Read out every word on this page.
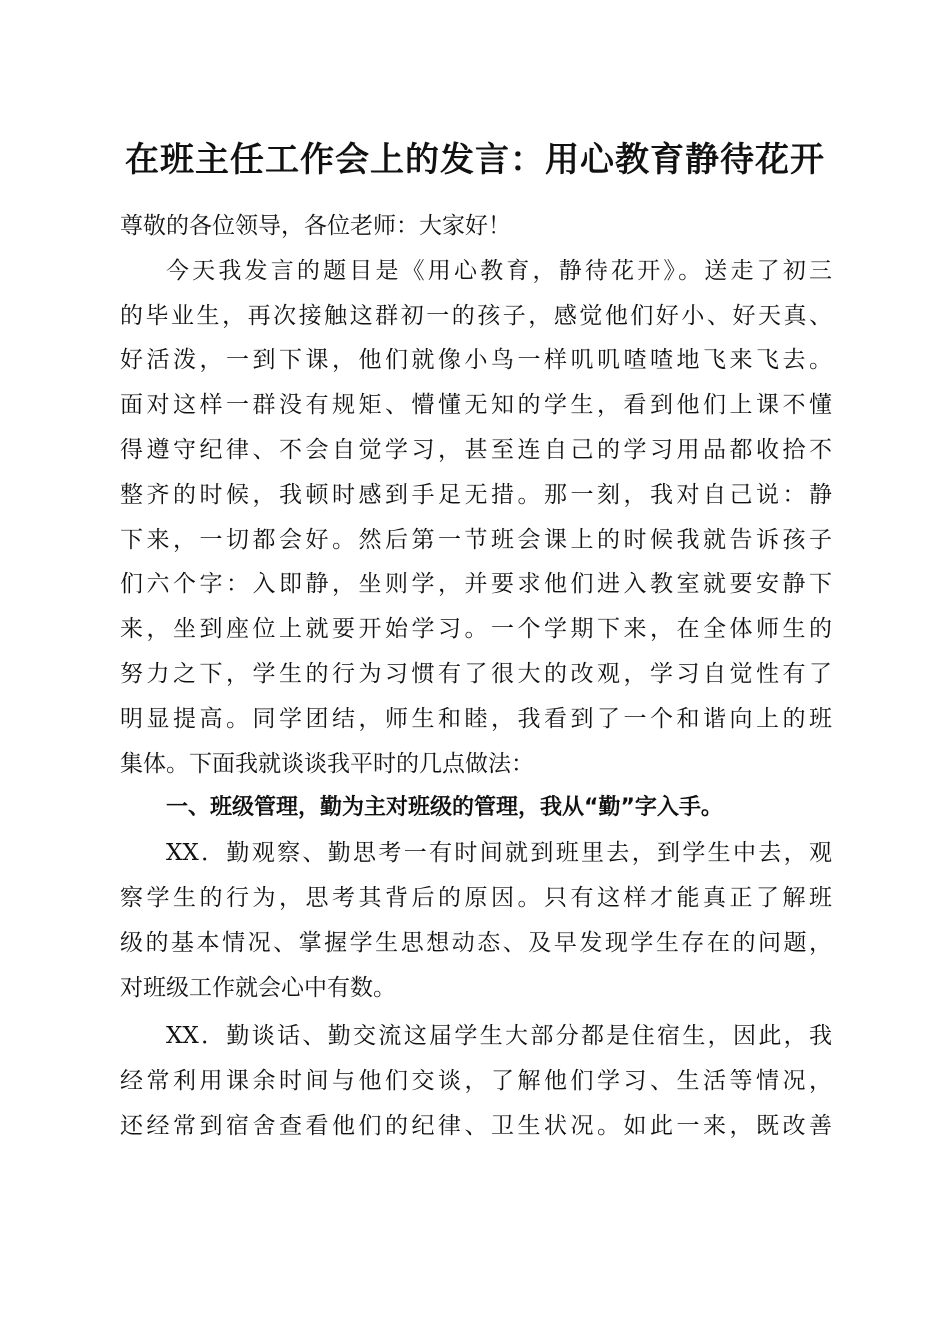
在班主任工作会上的发言：用心教育静待花开
尊敬的各位领导，各位老师：大家好！
今天我发言的题目是《用心教育，静待花开》。送走了初三
的毕业生，再次接触这群初一的孩子，感觉他们好小、好天真、
好活泼，一到下课，他们就像小鸟一样叽叽喳喳地飞来飞去。
面对这样一群没有规矩、懵懂无知的学生，看到他们上课不懂
得遵守纪律、不会自觉学习，甚至连自己的学习用品都收拾不
整齐的时候，我顿时感到手足无措。那一刻，我对自己说：静
下来，一切都会好。然后第一节班会课上的时候我就告诉孩子
们六个字：入即静，坐则学，并要求他们进入教室就要安静下
来，坐到座位上就要开始学习。一个学期下来，在全体师生的
努力之下，学生的行为习惯有了很大的改观，学习自觉性有了
明显提高。同学团结，师生和睦，我看到了一个和谐向上的班
集体。下面我就谈谈我平时的几点做法：
一、班级管理，勤为主对班级的管理，我从“勤”字入手。
XX．勤观察、勤思考一有时间就到班里去，到学生中去，观
察学生的行为，思考其背后的原因。只有这样才能真正了解班
级的基本情况、掌握学生思想动态、及早发现学生存在的问题，
对班级工作就会心中有数。
XX．勤谈话、勤交流这届学生大部分都是住宿生，因此，我
经常利用课余时间与他们交谈，了解他们学习、生活等情况，
还经常到宿舍查看他们的纪律、卫生状况。如此一来，既改善
